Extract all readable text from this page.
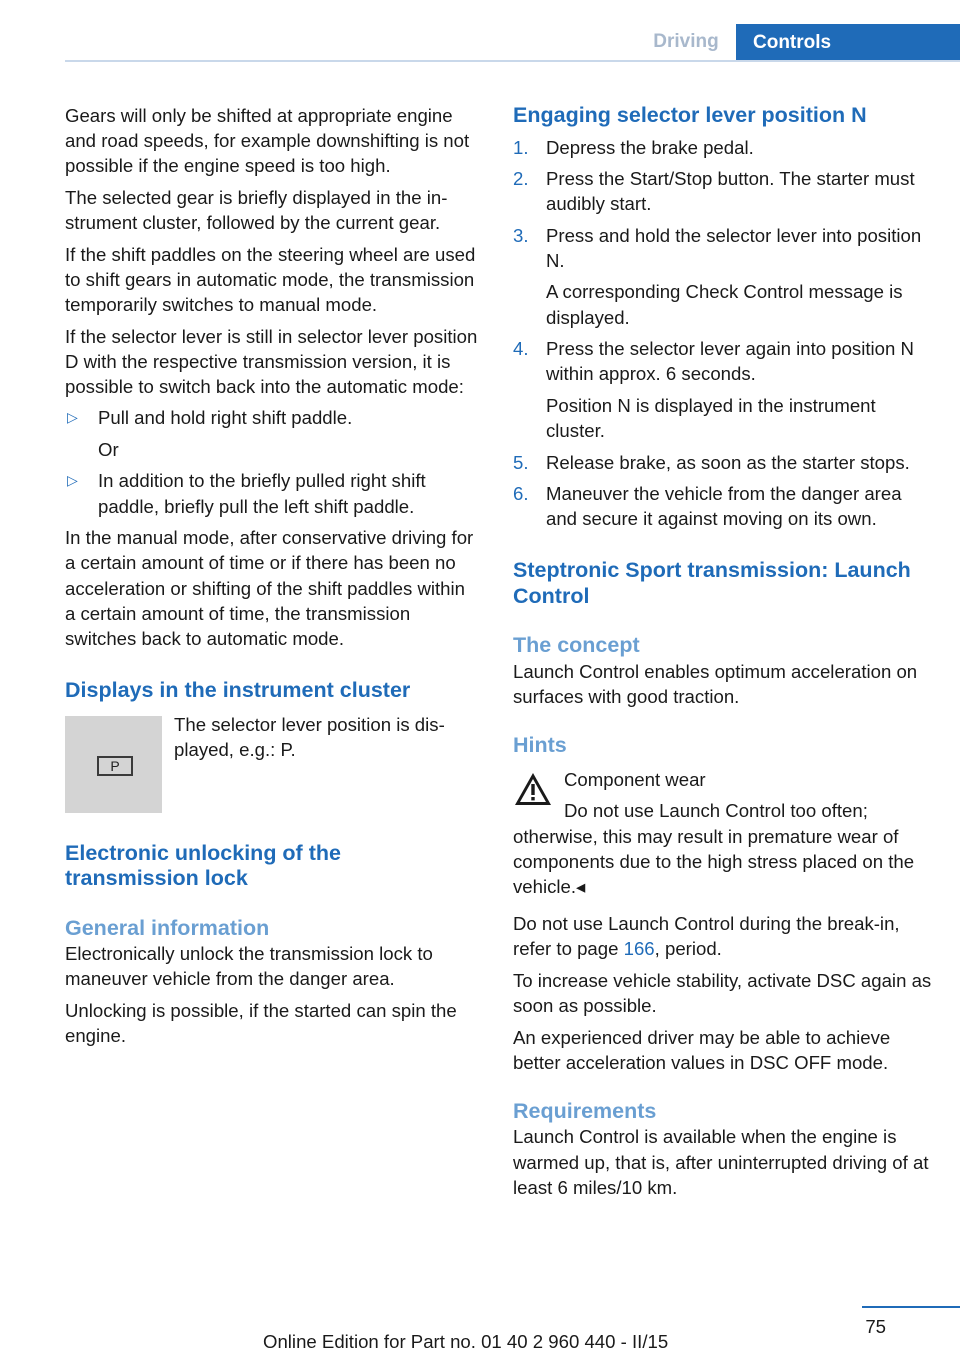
Driving	Controls

Gears will only be shifted at appropriate engine and road speeds, for example downshifting is not possible if the engine speed is too high.

The selected gear is briefly displayed in the instrument cluster, followed by the current gear.

If the shift paddles on the steering wheel are used to shift gears in automatic mode, the transmission temporarily switches to manual mode.

If the selector lever is still in selector lever position D with the respective transmission version, it is possible to switch back into the automatic mode:

▷ Pull and hold right shift paddle.
Or
▷ In addition to the briefly pulled right shift paddle, briefly pull the left shift paddle.

In the manual mode, after conservative driving for a certain amount of time or if there has been no acceleration or shifting of the shift paddles within a certain amount of time, the transmission switches back to automatic mode.

Displays in the instrument cluster
P
The selector lever position is displayed, e.g.: P.
Electronic unlocking of the transmission lock
General information

Electronically unlock the transmission lock to maneuver vehicle from the danger area.

Unlocking is possible, if the started can spin the engine.

Engaging selector lever position N
1. Depress the brake pedal.
2. Press the Start/Stop button. The starter must audibly start.
3. Press and hold the selector lever into position N.
A corresponding Check Control message is displayed.
4. Press the selector lever again into position N within approx. 6 seconds.
Position N is displayed in the instrument cluster.
5. Release brake, as soon as the starter stops.
6. Maneuver the vehicle from the danger area and secure it against moving on its own.
Steptronic Sport transmission: Launch Control
The concept

Launch Control enables optimum acceleration on surfaces with good traction.

Hints
Component wear
Do not use Launch Control too often; otherwise, this may result in premature wear of components due to the high stress placed on the vehicle.◂

Do not use Launch Control during the break-in, refer to page 166, period.

To increase vehicle stability, activate DSC again as soon as possible.

An experienced driver may be able to achieve better acceleration values in DSC OFF mode.

Requirements

Launch Control is available when the engine is warmed up, that is, after uninterrupted driving of at least 6 miles/10 km.

75
Online Edition for Part no. 01 40 2 960 440 - II/15
